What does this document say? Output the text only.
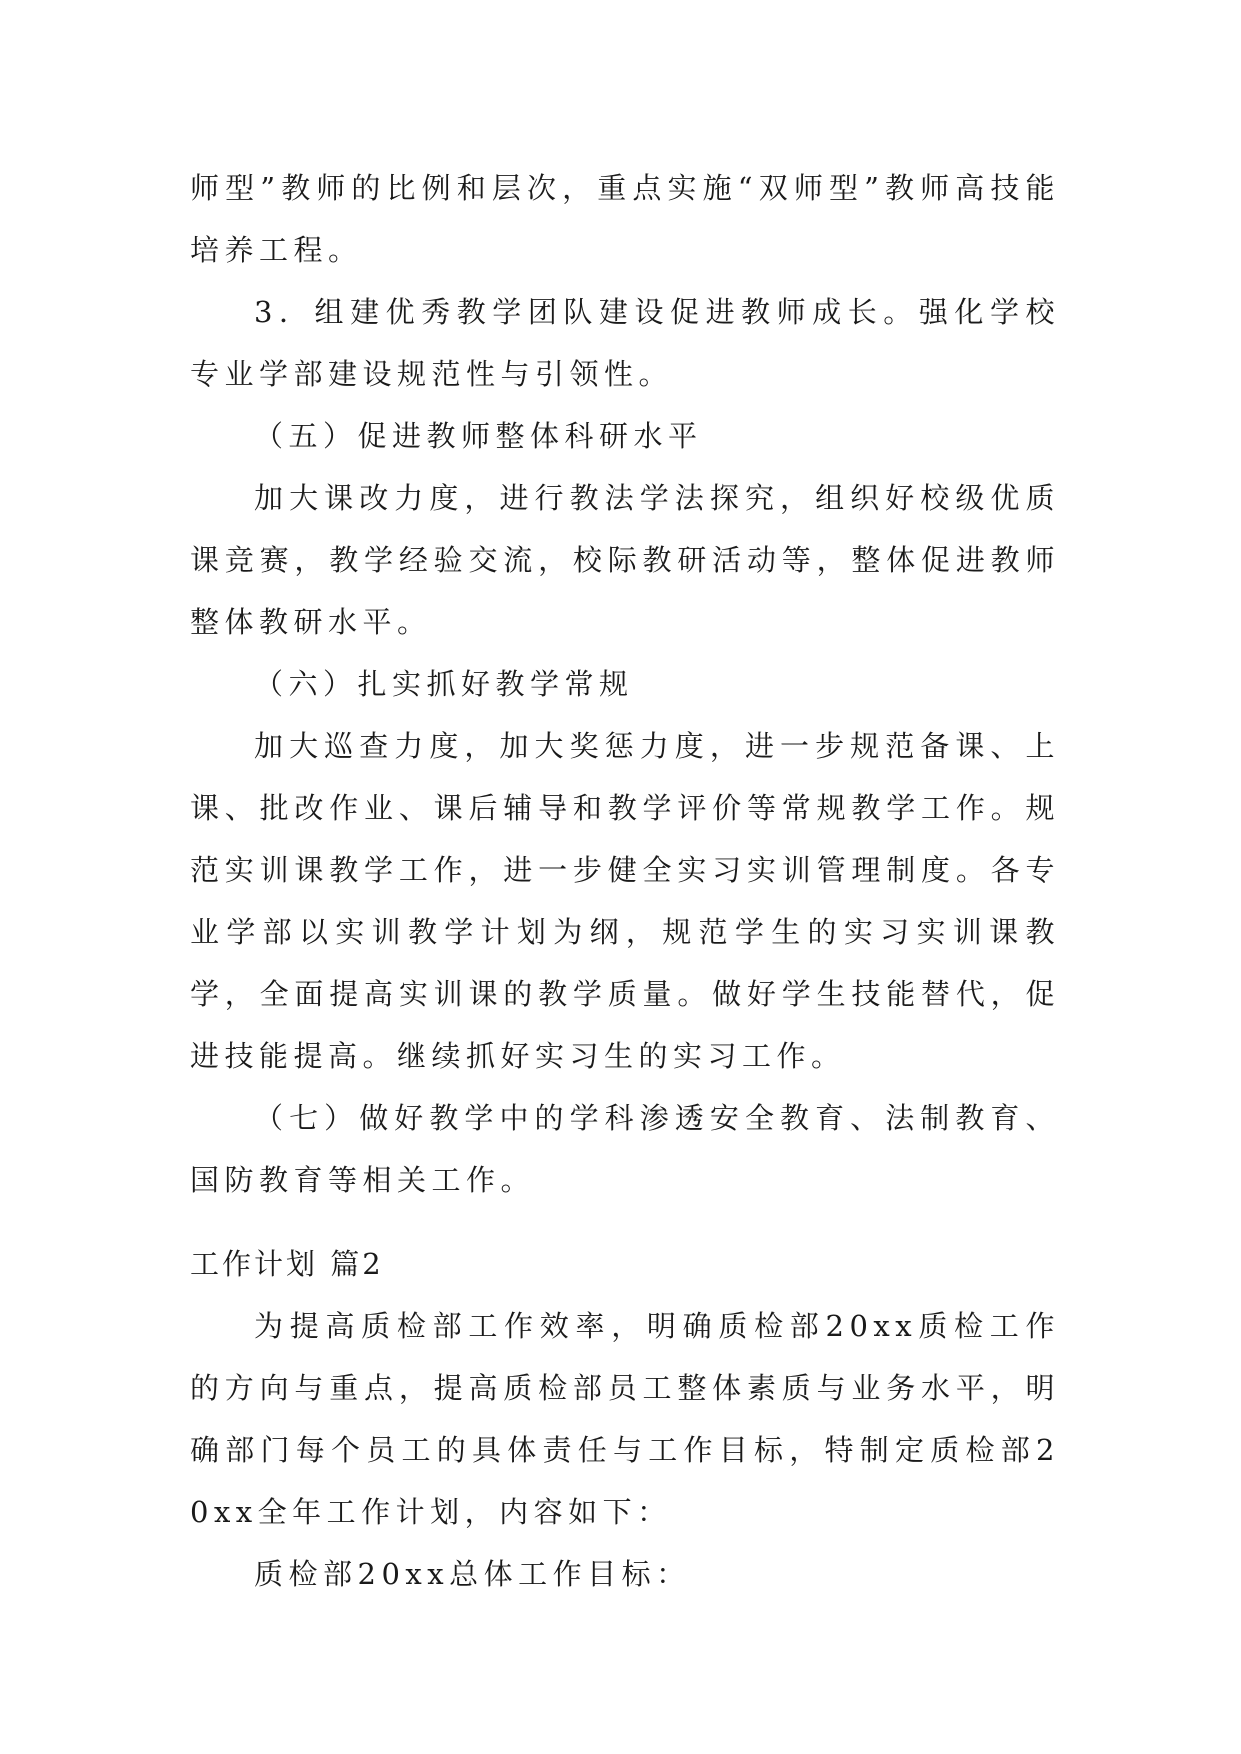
师型”教师的比例和层次，重点实施“双师型”教师高技能培养工程。

3．组建优秀教学团队建设促进教师成长。强化学校专业学部建设规范性与引领性。

（五）促进教师整体科研水平

加大课改力度，进行教法学法探究，组织好校级优质课竞赛，教学经验交流，校际教研活动等，整体促进教师整体教研水平。

（六）扎实抓好教学常规

加大巡查力度，加大奖惩力度，进一步规范备课、上课、批改作业、课后辅导和教学评价等常规教学工作。规范实训课教学工作，进一步健全实习实训管理制度。各专业学部以实训教学计划为纲，规范学生的实习实训课教学，全面提高实训课的教学质量。做好学生技能替代，促进技能提高。继续抓好实习生的实习工作。

（七）做好教学中的学科渗透安全教育、法制教育、国防教育等相关工作。

工作计划 篇2

为提高质检部工作效率，明确质检部20xx质检工作的方向与重点，提高质检部员工整体素质与业务水平，明确部门每个员工的具体责任与工作目标，特制定质检部20xx全年工作计划，内容如下：

质检部20xx总体工作目标：
